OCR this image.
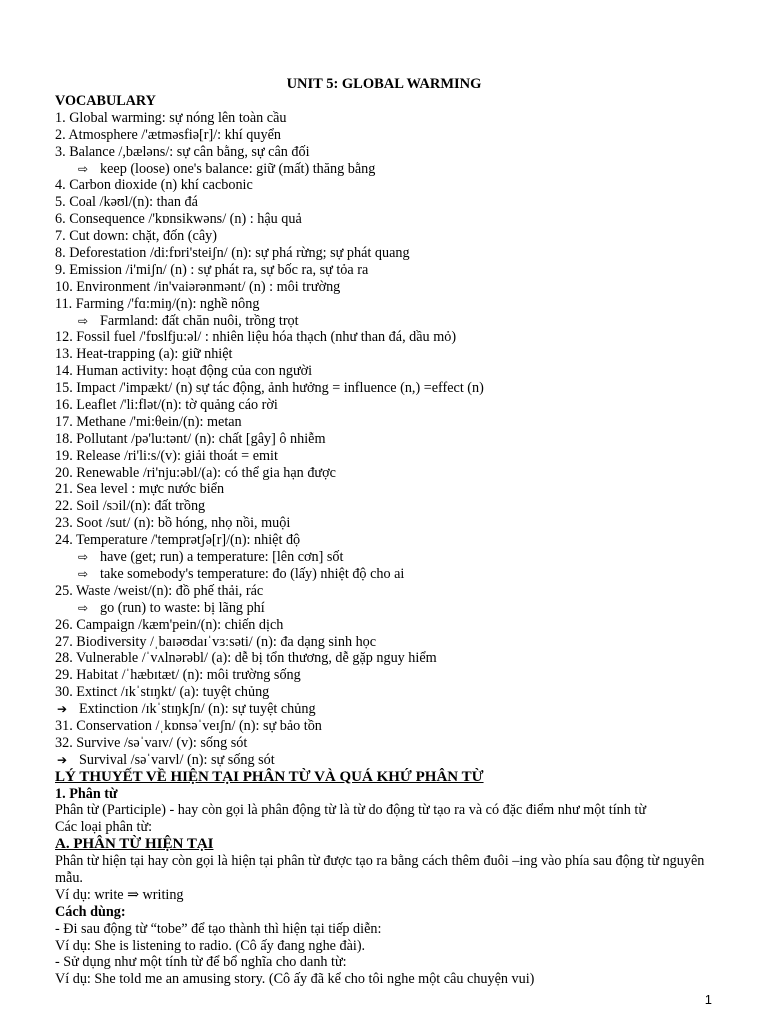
UNIT 5: GLOBAL WARMING
VOCABULARY
1. Global warming: sự nóng lên toàn cầu
2. Atmosphere /'ætməsfiə[r]/: khí quyển
3. Balance /,bæləns/: sự cân bằng, sự cân đối
⇨ keep (loose) one's balance: giữ (mất) thăng bằng
4. Carbon dioxide (n) khí cacbonic
5. Coal /kəʊl/(n): than đá
6. Consequence /'kɒnsikwəns/ (n) : hậu quả
7. Cut down: chặt, đốn (cây)
8. Deforestation /di:fɒri'steiʃn/ (n): sự phá rừng; sự phát quang
9. Emission /i'miʃn/ (n) : sự phát ra, sự bốc ra, sự tỏa ra
10. Environment /in'vaiərənmənt/ (n) : môi trường
11. Farming /'fɑ:miŋ/(n): nghề nông
⇨ Farmland: đất chăn nuôi, trồng trọt
12. Fossil fuel /'fɒslfju:əl/ : nhiên liệu hóa thạch (như than đá, dầu mỏ)
13. Heat-trapping (a): giữ nhiệt
14. Human activity: hoạt động của con người
15. Impact /'impækt/ (n) sự tác động, ảnh hưởng = influence (n,) =effect (n)
16. Leaflet /'li:flət/(n): tờ quảng cáo rời
17. Methane /'mi:θein/(n): metan
18. Pollutant /pə'lu:tənt/ (n): chất [gây] ô nhiễm
19. Release /ri'li:s/(v): giải thoát = emit
20. Renewable /ri'nju:əbl/(a): có thể gia hạn được
21. Sea level : mực nước biển
22. Soil /sɔil/(n): đất trồng
23. Soot /sut/ (n): bồ hóng, nhọ nồi, muội
24. Temperature /'temprətʃə[r]/(n): nhiệt độ
⇨ have (get; run) a temperature: [lên cơn] sốt
⇨ take somebody's temperature: đo (lấy) nhiệt độ cho ai
25. Waste /weist/(n): đồ phế thải, rác
⇨ go (run) to waste: bị lãng phí
26. Campaign /kæm'pein/(n): chiến dịch
27. Biodiversity /ˌbaɪəʊdaɪˈvɜːsəti/ (n): đa dạng sinh học
28. Vulnerable /ˈvʌlnərəbl/ (a): dễ bị tổn thương, dễ gặp nguy hiểm
29. Habitat /ˈhæbɪtæt/ (n): môi trường sống
30. Extinct /ɪkˈstɪŋkt/ (a): tuyệt chủng
➔ Extinction /ɪkˈstɪŋkʃn/ (n): sự tuyệt chủng
31. Conservation /ˌkɒnsəˈveɪʃn/ (n): sự bảo tồn
32. Survive /səˈvaɪv/ (v): sống sót
➔ Survival /səˈvaɪvl/ (n): sự sống sót
LÝ THUYẾT VỀ HIỆN TẠI PHÂN TỪ VÀ QUÁ KHỨ PHÂN TỪ
1. Phân từ
Phân từ (Participle) - hay còn gọi là phân động từ là từ do động từ tạo ra và có đặc điểm như một tính từ
Các loại phân từ:
A. PHÂN TỪ HIỆN TẠI
Phân từ hiện tại hay còn gọi là hiện tại phân từ được tạo ra bằng cách thêm đuôi –ing vào phía sau động từ nguyên mẫu.
Ví dụ: write ⇒ writing
Cách dùng:
- Đi sau động từ “tobe” để tạo thành thì hiện tại tiếp diễn:
Ví dụ: She is listening to radio. (Cô ấy đang nghe đài).
- Sử dụng như một tính từ để bổ nghĩa cho danh từ:
Ví dụ: She told me an amusing story. (Cô ấy đã kể cho tôi nghe một câu chuyện vui)
1
